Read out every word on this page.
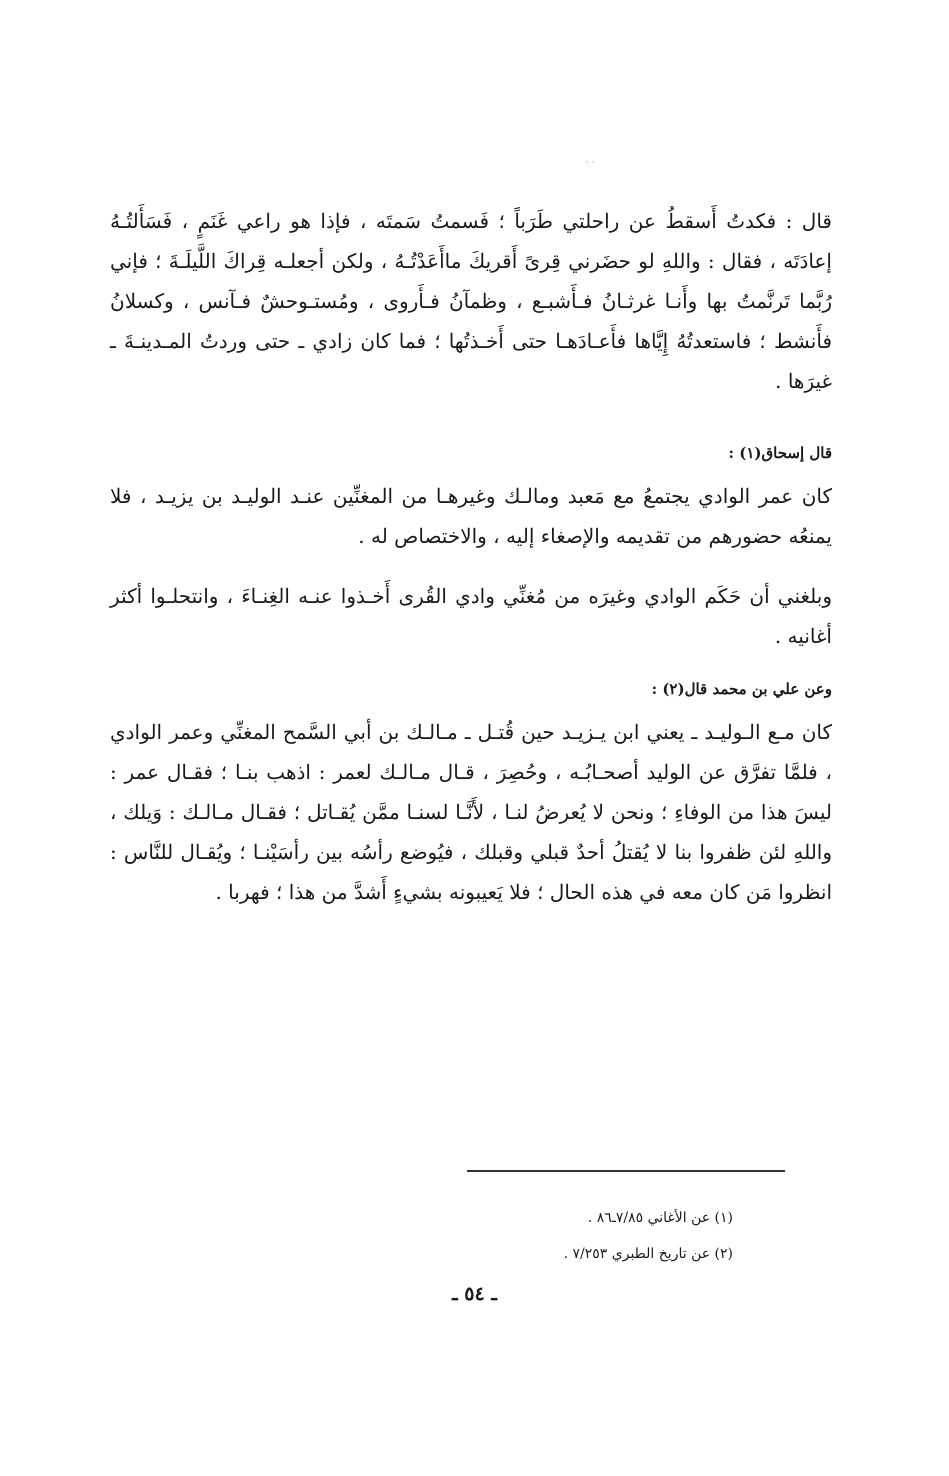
· ·

قال : فكدتُ أَسقطُ عن راحلتي طَرَباً ؛ فَسمتُ سَمتَه ، فإذا هو راعي غَنَمٍ ، فَسَأَلتُـهُ إعادَتَه ، فقال : واللهِ لو حضَرني قِرىً أَقريكَ ماأَعَدْتُـهُ ، ولكن أجعلـه قِراكَ اللَّيلَـةَ ؛ فإني رُبَّما تَرنَّمتُ بها وأَنـا غرثـانُ فـأَشبـع ، وظمآنُ فـأَروى ، ومُستـوحشٌ فـآنس ، وكسلانُ فأَنشط ؛ فاستعدتُهُ إِيَّاها فأَعـادَهـا حتى أَخـذتُها ؛ فما كان زادي ـ حتى وردتُ المـدينـةَ ـ غيرَها .

قال إسحاق(١) :

كان عمر الوادي يجتمعُ مع مَعبد ومالـك وغيرهـا من المغنِّين عنـد الوليـد بن يزيـد ، فلا يمنعُه حضورهم من تقديمه والإصغاء إليه ، والاختصاص له .

وبلغني أن حَكَم الوادي وغيرَه من مُغنِّي وادي القُرى أَخـذوا عنـه الغِنـاءَ ، وانتحلـوا أكثر أغانيه .

وعن علي بن محمد قال(٢) :

كان مـع الـوليـد ـ يعني ابن يـزيـد حين قُتـل ـ مـالـك بن أبي السَّمح المغنِّي وعمر الوادي ، فلمَّا تفرَّق عن الوليد أصحـابُـه ، وحُصِرَ ، قـال مـالـك لعمر : اذهب بنـا ؛ فقـال عمر : ليسَ هذا من الوفاءِ ؛ ونحن لا يُعرضُ لنـا ، لأَنَّـا لسنـا ممَّن يُقـاتل ؛ فقـال مـالـك : وَيلك ، واللهِ لئن ظفروا بنا لا يُقتلُ أحدٌ قبلي وقبلك ، فيُوضع رأسُه بين رأسَيْنـا ؛ ويُقـال للنَّاس : انظروا مَن كان معه في هذه الحال ؛ فلا يَعيبونه بشيءٍ أَشدَّ من هذا ؛ فهربا .

(١) عن الأغاني ٧/٨٥ـ٨٦ .
(٢) عن تاريخ الطبري ٧/٢٥٣ .
ـ ٥٤ ـ
